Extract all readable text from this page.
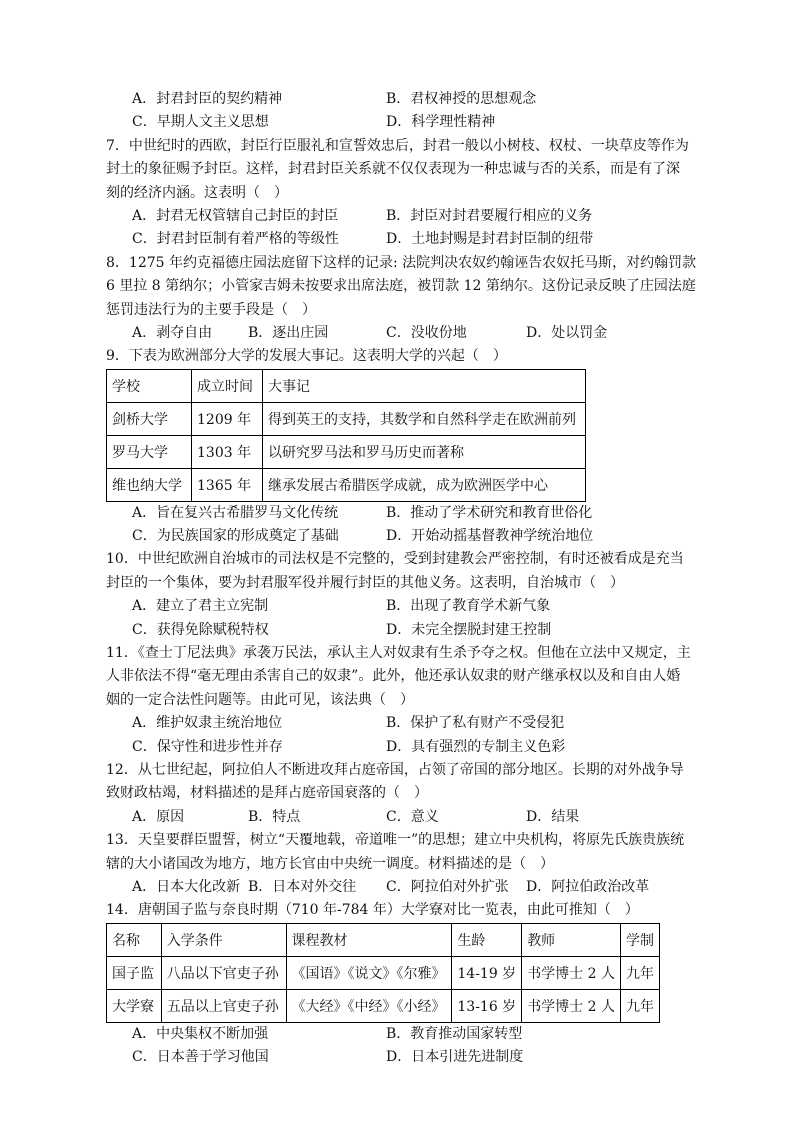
A．封君封臣的契约精神	B．君权神授的思想观念
C．早期人文主义思想	D．科学理性精神
7．中世纪时的西欧，封臣行臣服礼和宣誓效忠后，封君一般以小树枝、权杖、一块草皮等作为
封土的象征赐予封臣。这样，封君封臣关系就不仅仅表现为一种忠诚与否的关系，而是有了深
刻的经济内涵。这表明（　）
A．封君无权管辖自己封臣的封臣	B．封臣对封君要履行相应的义务
C．封君封臣制有着严格的等级性	D．土地封赐是封君封臣制的纽带
8．1275 年约克福德庄园法庭留下这样的记录: 法院判决农奴约翰诬告农奴托马斯，对约翰罚款
6 里拉 8 第纳尔；小管家吉姆未按要求出席法庭，被罚款 12 第纳尔。这份记录反映了庄园法庭
惩罚违法行为的主要手段是（　）
A．剥夺自由	B．逐出庄园	C．没收份地	D．处以罚金
9．下表为欧洲部分大学的发展大事记。这表明大学的兴起（　）
学校	成立时间	大事记
剑桥大学	1209 年	得到英王的支持，其数学和自然科学走在欧洲前列
罗马大学	1303 年	以研究罗马法和罗马历史而著称
维也纳大学	1365 年	继承发展古希腊医学成就，成为欧洲医学中心
A．旨在复兴古希腊罗马文化传统	B．推动了学术研究和教育世俗化
C．为民族国家的形成奠定了基础	D．开始动摇基督教神学统治地位
10．中世纪欧洲自治城市的司法权是不完整的，受到封建教会严密控制，有时还被看成是充当
封臣的一个集体，要为封君服军役并履行封臣的其他义务。这表明，自治城市（　）
A．建立了君主立宪制	B．出现了教育学术新气象
C．获得免除赋税特权	D．未完全摆脱封建王控制
11．《查士丁尼法典》承袭万民法，承认主人对奴隶有生杀予夺之权。但他在立法中又规定，主
人非依法不得“毫无理由杀害自己的奴隶”。此外，他还承认奴隶的财产继承权以及和自由人婚
姻的一定合法性问题等。由此可见，该法典（　）
A．维护奴隶主统治地位	B．保护了私有财产不受侵犯
C．保守性和进步性并存	D．具有强烈的专制主义色彩
12．从七世纪起，阿拉伯人不断进攻拜占庭帝国，占领了帝国的部分地区。长期的对外战争导
致财政枯竭，材料描述的是拜占庭帝国衰落的（　）
A．原因	B．特点	C．意义	D．结果
13．天皇要群臣盟誓，树立“天覆地载，帝道唯一”的思想；建立中央机构，将原先氏族贵族统
辖的大小诸国改为地方，地方长官由中央统一调度。材料描述的是（　）
A．日本大化改新 B．日本对外交往 C．阿拉伯对外扩张 D．阿拉伯政治改革
14．唐朝国子监与奈良时期（710 年-784 年）大学寮对比一览表，由此可推知（　）
名称	入学条件	课程教材	生龄	教师	学制
国子监	八品以下官吏子孙	《国语》《说文》《尔雅》	14-19 岁	书学博士 2 人	九年
大学寮	五品以上官吏子孙	《大经》《中经》《小经》	13-16 岁	书学博士 2 人	九年
A．中央集权不断加强	B．教育推动国家转型
C．日本善于学习他国	D．日本引进先进制度
